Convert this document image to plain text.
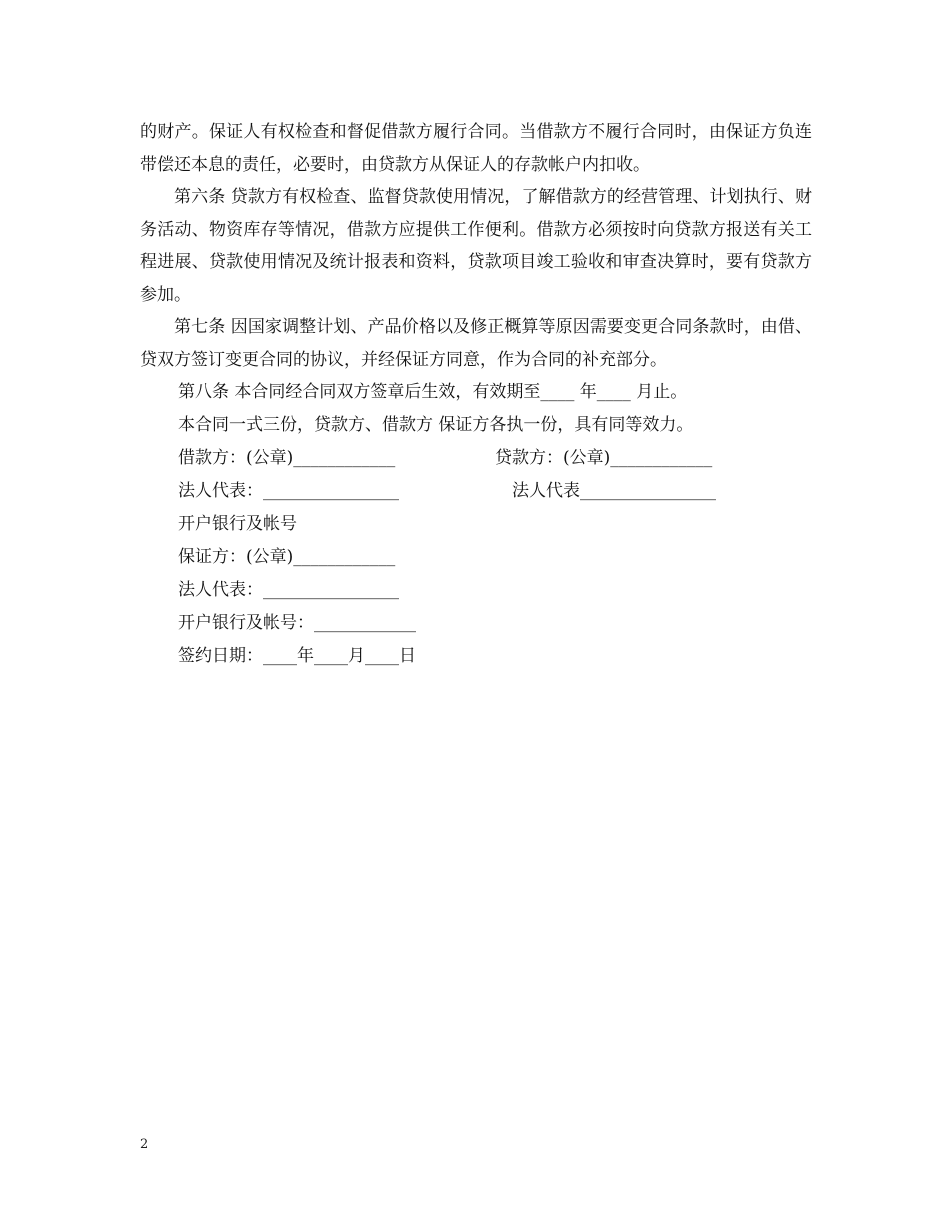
的财产。保证人有权检查和督促借款方履行合同。当借款方不履行合同时，由保证方负连带偿还本息的责任，必要时，由贷款方从保证人的存款帐户内扣收。

第六条 贷款方有权检查、监督贷款使用情况，了解借款方的经营管理、计划执行、财务活动、物资库存等情况，借款方应提供工作便利。借款方必须按时向贷款方报送有关工程进展、贷款使用情况及统计报表和资料，贷款项目竣工验收和审查决算时，要有贷款方参加。

第七条 因国家调整计划、产品价格以及修正概算等原因需要变更合同条款时，由借、贷双方签订变更合同的协议，并经保证方同意，作为合同的补充部分。

第八条 本合同经合同双方签章后生效，有效期至____ 年____ 月止。

本合同一式三份，贷款方、借款方 保证方各执一份，具有同等效力。

借款方：(公章)____________	贷款方：(公章)____________
法人代表：________________	法人代表________________

开户银行及帐号

保证方：(公章)____________

法人代表：________________

开户银行及帐号：____________

签约日期：____年____月____日

2
